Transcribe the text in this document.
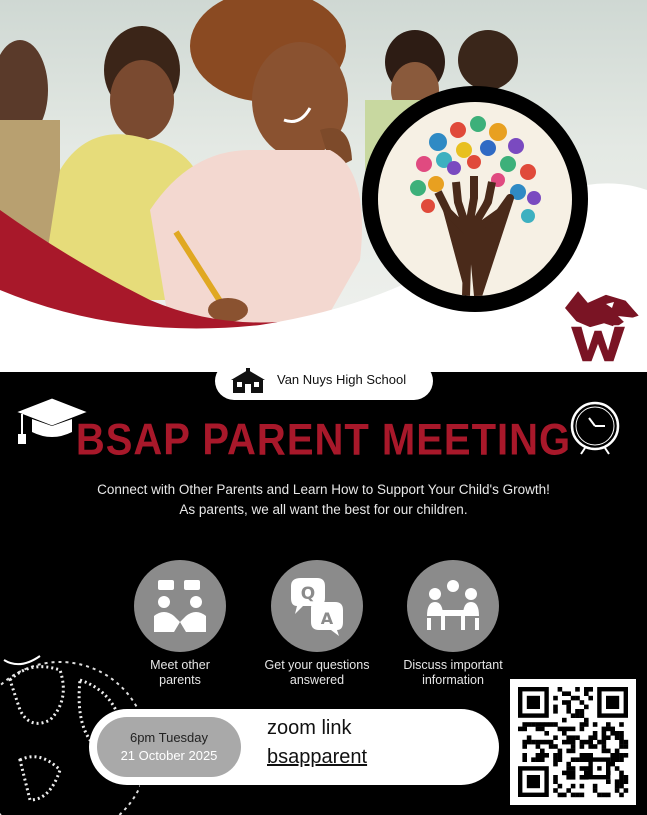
Van Nuys High School
BSAP PARENT MEETING

Connect with Other Parents and Learn How to Support Your Child's Growth! As parents, we all want the best for our children.

Meet other
parents
Q
A
Get your questions
answered
Discuss important
information
6pm Tuesday
21 October 2025
zoom link
bsapparent
